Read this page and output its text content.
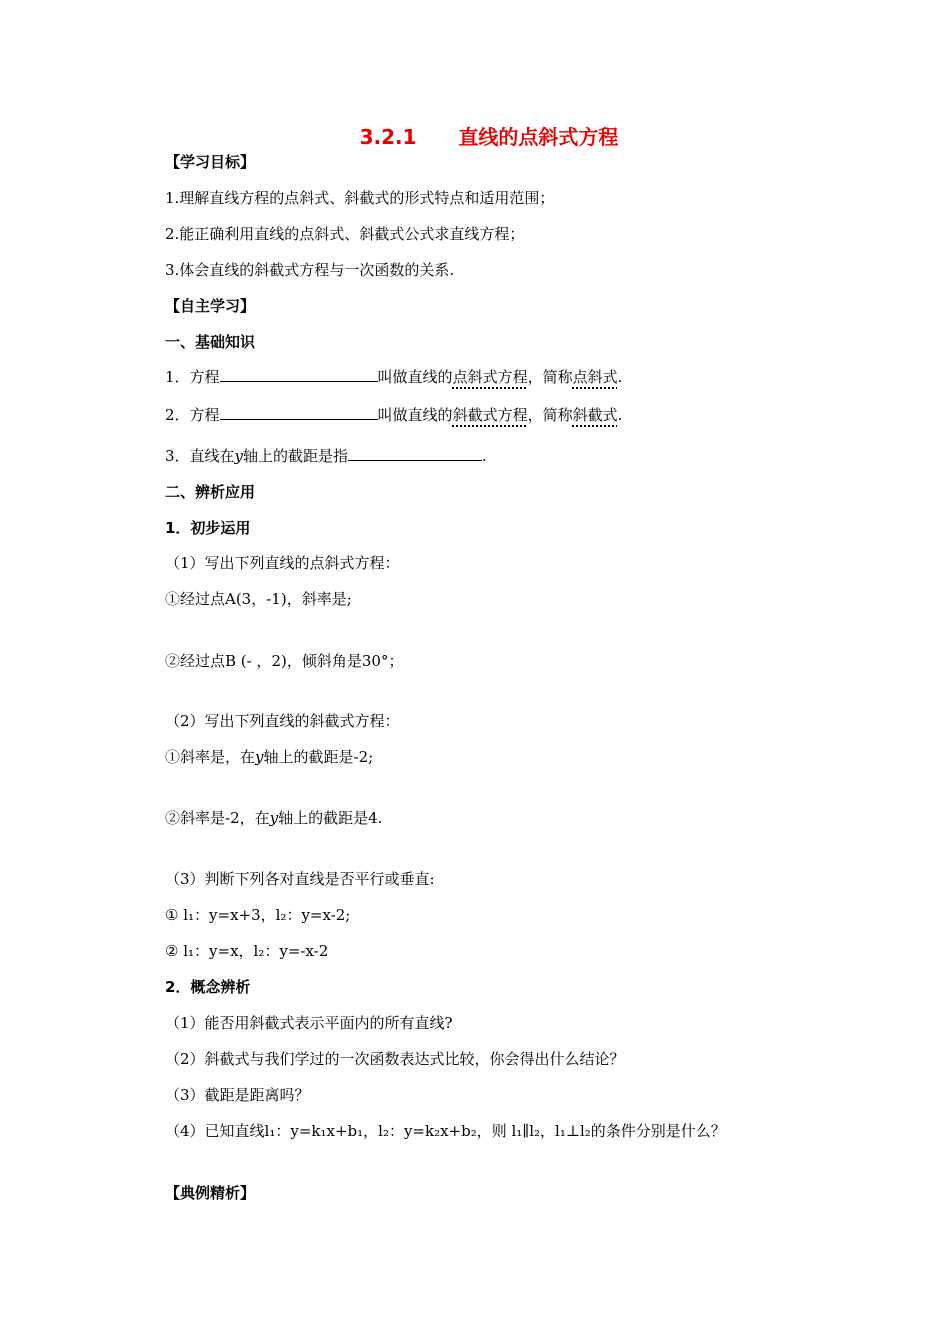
3.2.1      直线的点斜式方程
【学习目标】
1.理解直线方程的点斜式、斜截式的形式特点和适用范围；
2.能正确利用直线的点斜式、斜截式公式求直线方程；
3.体会直线的斜截式方程与一次函数的关系.
【自主学习】
一、基础知识
1．方程	叫做直线的点斜式方程，简称点斜式.
2．方程	叫做直线的斜截式方程，简称斜截式.
3．直线在y轴上的截距是指	.
二、辨析应用
1．初步运用
（1）写出下列直线的点斜式方程：
①经过点A(3，-1)，斜率是;
②经过点B (- ，2)，倾斜角是30°；
（2）写出下列直线的斜截式方程：
①斜率是，在y轴上的截距是-2;
②斜率是-2，在y轴上的截距是4.
（3）判断下列各对直线是否平行或垂直:
① l₁：y=x+3，l₂：y=x-2;
② l₁：y=x，l₂：y=-x-2
2．概念辨析
（1）能否用斜截式表示平面内的所有直线?
（2）斜截式与我们学过的一次函数表达式比较，你会得出什么结论？
（3）截距是距离吗？
（4）已知直线l₁：y=k₁x+b₁，l₂：y=k₂x+b₂，则 l₁∥l₂，l₁⊥l₂的条件分别是什么？
【典例精析】
